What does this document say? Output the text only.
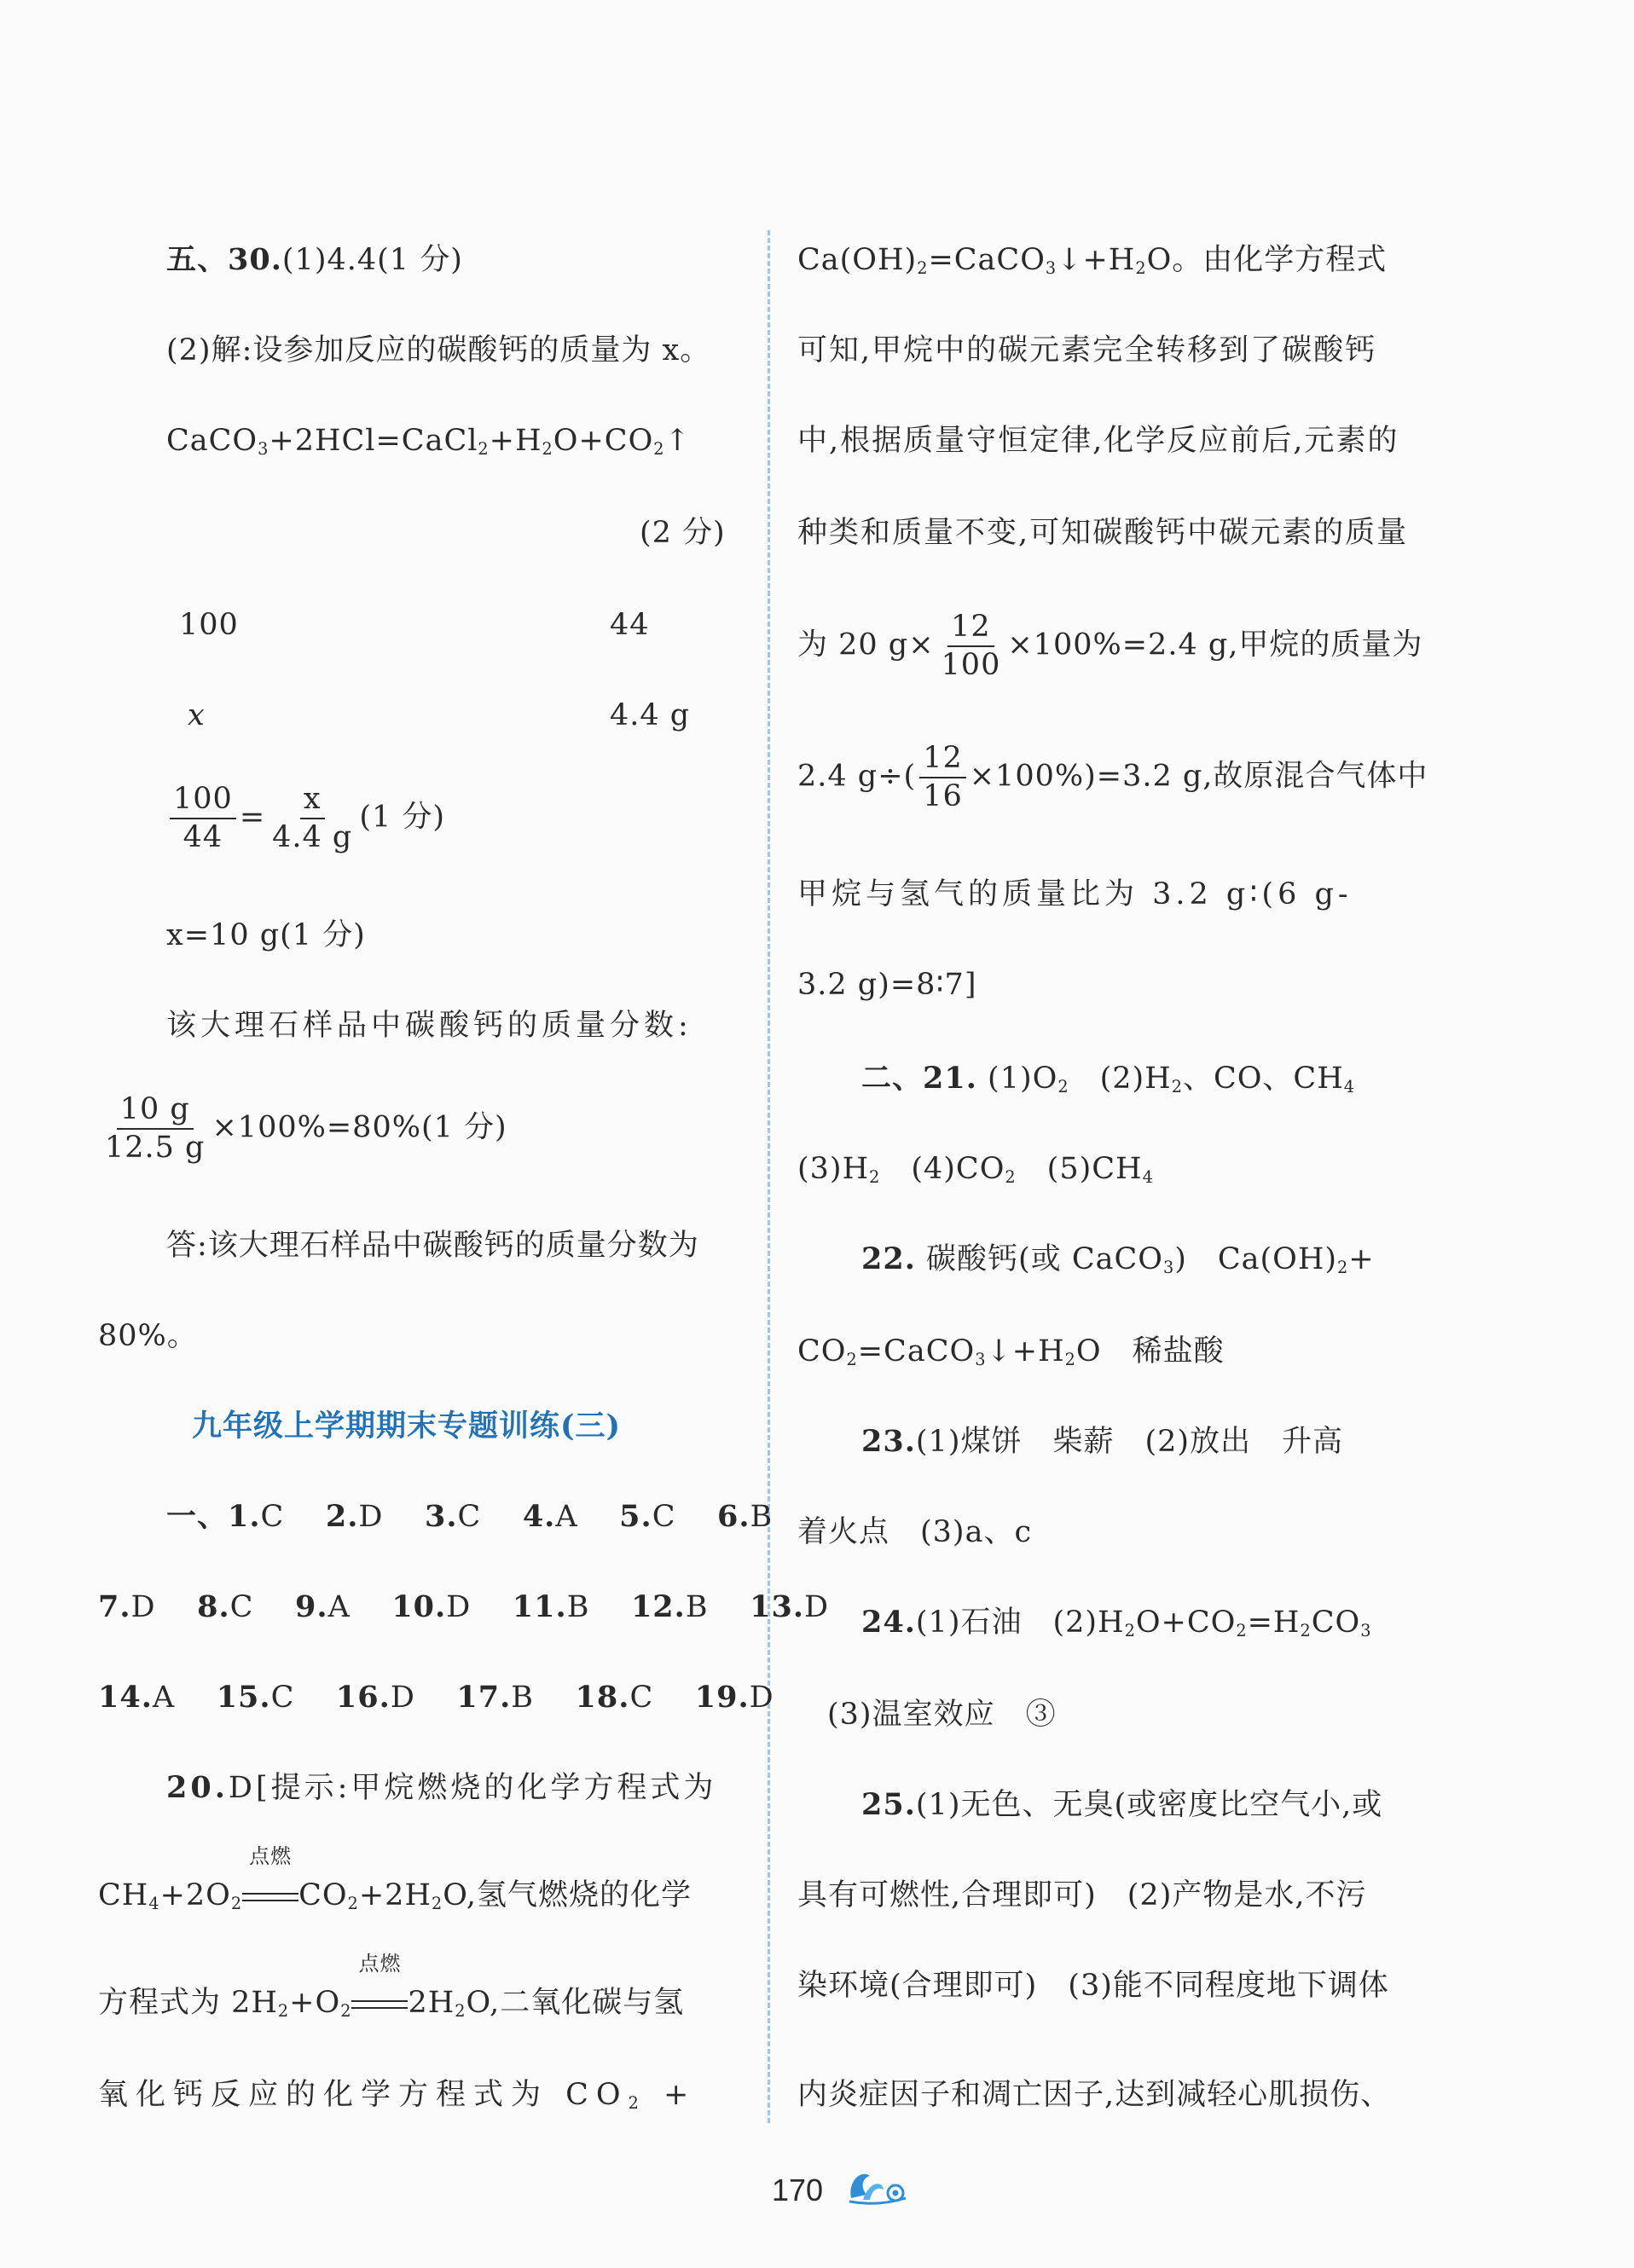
五、30.(1)4.4(1 分)
(2)解:设参加反应的碳酸钙的质量为 x。
$CaCO_3+2HCl=CaCl_2+H_2O+CO_2↑$
(2 分)
100	44
x	4.4 g
$\frac{100}{44} = \frac{x}{4.4 g} (1$ 分)
x=10 g(1 分)
该大理石样品中碳酸钙的质量分数:
$\frac{10 g}{12.5 g} \times 100\%=80\%(1$ 分)
答:该大理石样品中碳酸钙的质量分数为
80%。
九年级上学期期末专题训练(三)
一、1.C 2.D 3.C 4.A 5.C 6.B
7.D 8.C 9.A 10.D 11.B 12.B 13.D
14.A 15.C 16.D 17.B 18.C 19.D
20.D[提示:甲烷燃烧的化学方程式为
$CH_4+2O_2$
点燃
$CO_2+2H_2O$,氢气燃烧的化学
方程式为 $2H_2+O_2$
点燃
$2H_2O$,二氧化碳与氢
氧化钙反应的化学方程式为 $CO_2$ +
$Ca(OH)_2=CaCO_3↓+H_2O$。由化学方程式
可知,甲烷中的碳元素完全转移到了碳酸钙
中,根据质量守恒定律,化学反应前后,元素的
种类和质量不变,可知碳酸钙中碳元素的质量
为 20 $g\times \frac{12}{100} \times 100\%=2.4$ g,甲烷的质量为
2.4 $g\div( \frac{12}{16} \times 100\%)=3.2$ g,故原混合气体中
甲烷与氢气的质量比为 3.2 g∶(6 g-
3.2 g)=8∶7]
二、21. $(1)O_2$　$(2)H_2$、CO、$CH_4$
$(3)H_2$　$(4)CO_2$　$(5)CH_4$
22. 碳酸钙(或 CaCO$_3$)　$Ca(OH)_2+$
$CO_2=CaCO_3↓+H_2O$　稀盐酸
23.(1)煤饼　柴薪　(2)放出　升高
着火点　(3)a、c
24.(1)石油　$(2)H_2O+CO_2=H_2CO_3$
(3)温室效应　③
25.(1)无色、无臭(或密度比空气小,或
具有可燃性,合理即可)　(2)产物是水,不污
染环境(合理即可)　(3)能不同程度地下调体
内炎症因子和凋亡因子,达到减轻心肌损伤、
170
